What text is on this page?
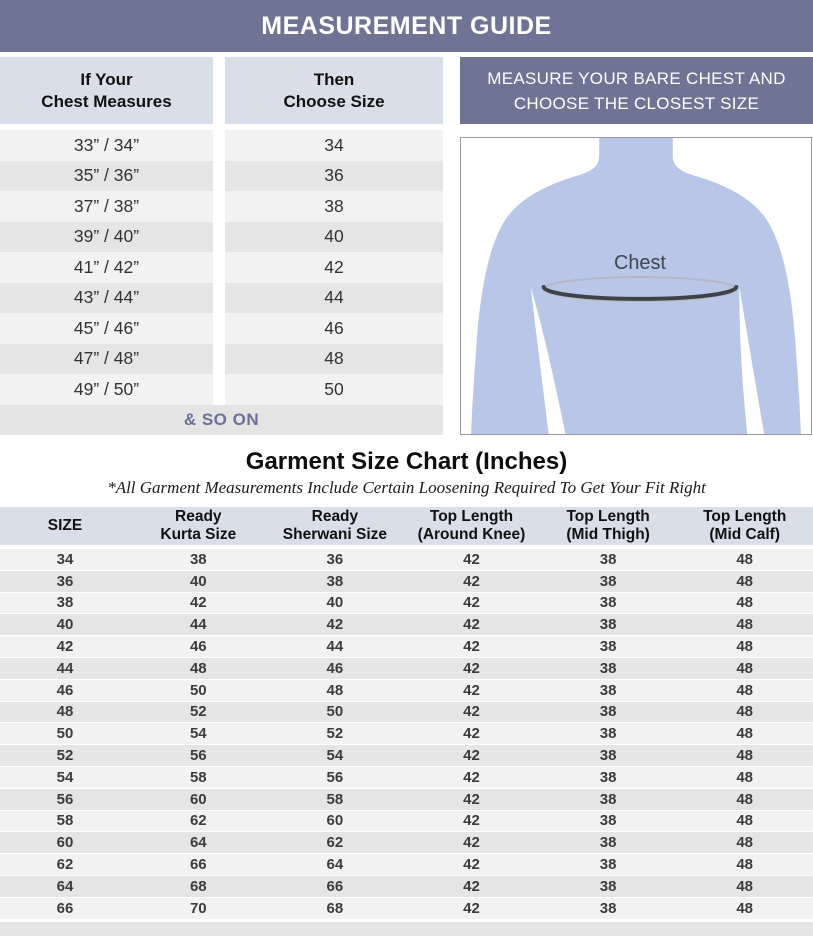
MEASUREMENT GUIDE
If Your
Chest Measures
Then
Choose Size
33” / 34”	34
35” / 36”	36
37” / 38”	38
39” / 40”	40
41” / 42”	42
43” / 44”	44
45” / 46”	46
47” / 48”	48
49” / 50”	50
& SO ON
MEASURE YOUR BARE CHEST AND
CHOOSE THE CLOSEST SIZE
Chest
Garment Size Chart (Inches)
*All Garment Measurements Include Certain Loosening Required To Get Your Fit Right
SIZE
Ready
Kurta Size
Ready
Sherwani Size
Top Length
(Around Knee)
Top Length
(Mid Thigh)
Top Length
(Mid Calf)
34	38	36	42	38	48
36	40	38	42	38	48
38	42	40	42	38	48
40	44	42	42	38	48
42	46	44	42	38	48
44	48	46	42	38	48
46	50	48	42	38	48
48	52	50	42	38	48
50	54	52	42	38	48
52	56	54	42	38	48
54	58	56	42	38	48
56	60	58	42	38	48
58	62	60	42	38	48
60	64	62	42	38	48
62	66	64	42	38	48
64	68	66	42	38	48
66	70	68	42	38	48
